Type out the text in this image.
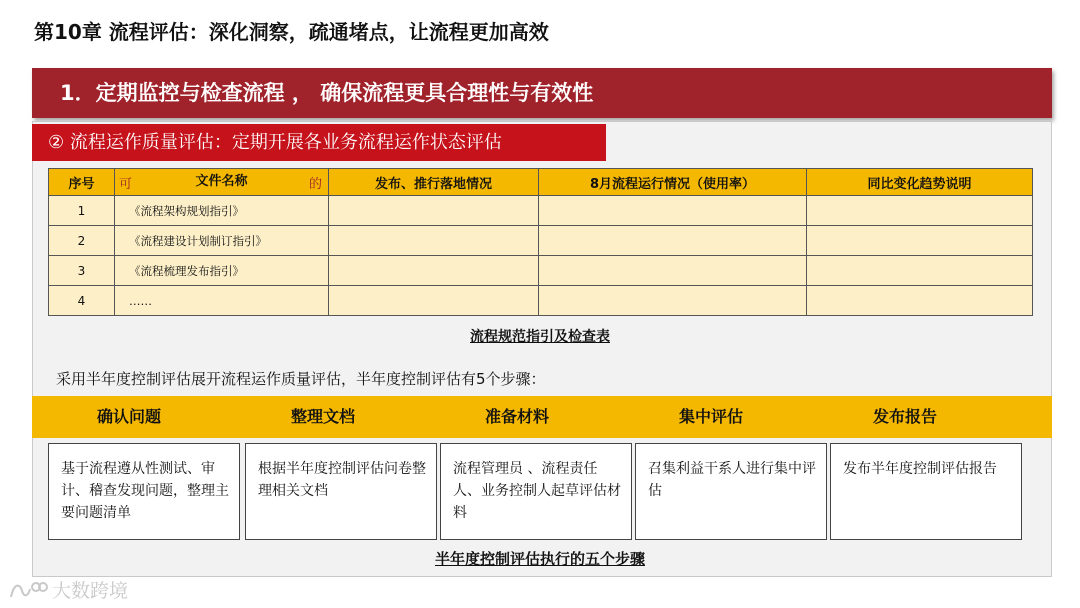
第10章 流程评估：深化洞察，疏通堵点，让流程更加高效
1．定期监控与检查流程 ， 确保流程更具合理性与有效性
② 流程运作质量评估：定期开展各业务流程运作状态评估
序号	可 文件名称 的	发布、推行落地情况	8月流程运行情况（使用率）	同比变化趋势说明
1	《流程架构规划指引》			
2	《流程建设计划制订指引》			
3	《流程梳理发布指引》			
4	……			
流程规范指引及检查表
采用半年度控制评估展开流程运作质量评估，半年度控制评估有5个步骤：
确认问题	整理文档	准备材料	集中评估	发布报告
基于流程遵从性测试、审计、稽查发现问题，整理主要问题清单
根据半年度控制评估问卷整理相关文档
流程管理员 、流程责任人、业务控制人起草评估材料
召集利益干系人进行集中评估
发布半年度控制评估报告
半年度控制评估执行的五个步骤
大数跨境
